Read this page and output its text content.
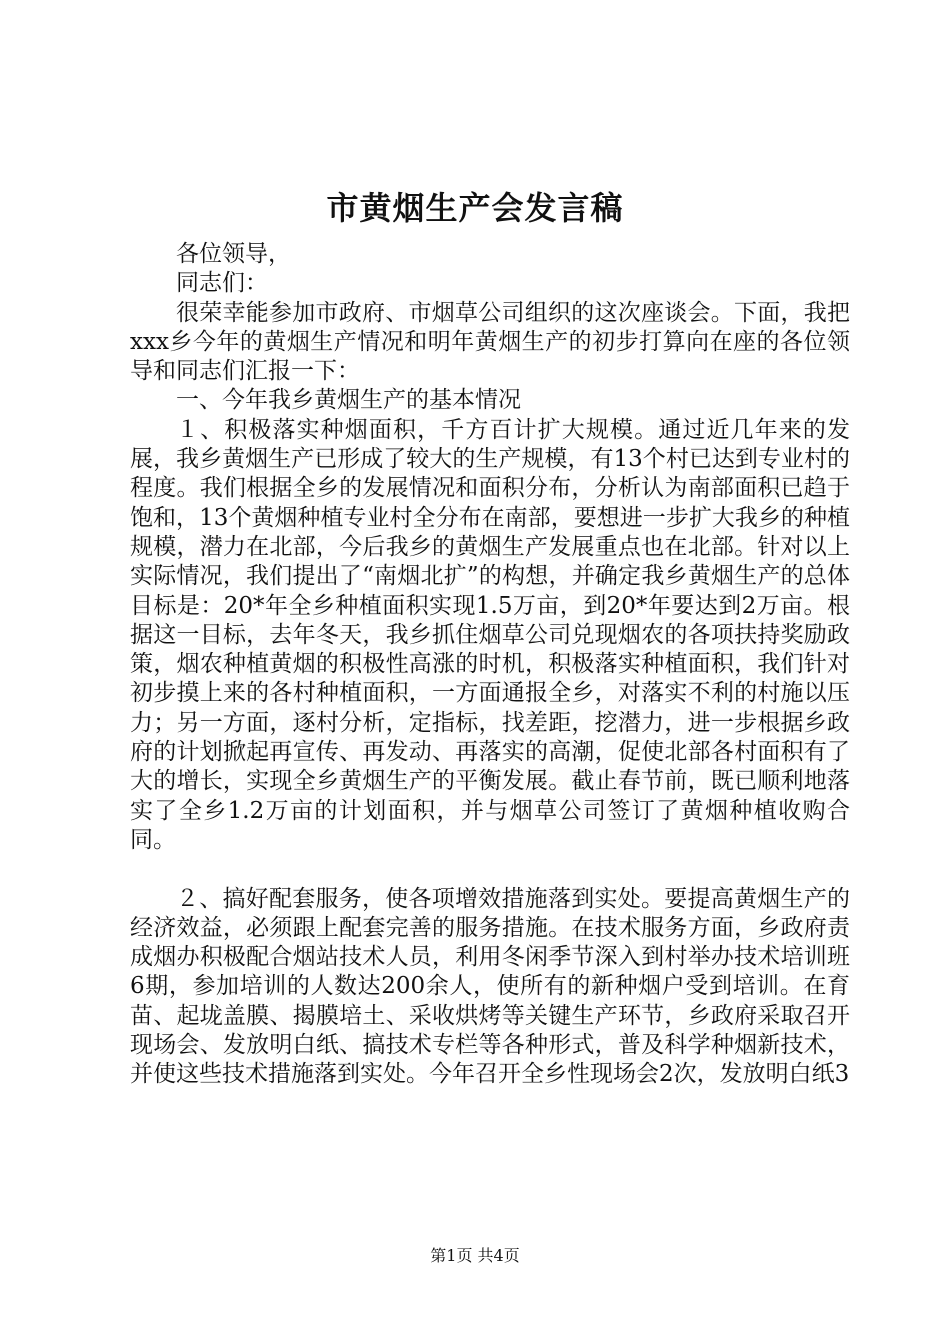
市黄烟生产会发言稿

各位领导，

同志们：

很荣幸能参加市政府、市烟草公司组织的这次座谈会。下面，我把xxx乡今年的黄烟生产情况和明年黄烟生产的初步打算向在座的各位领导和同志们汇报一下：

一、今年我乡黄烟生产的基本情况

１、积极落实种烟面积，千方百计扩大规模。通过近几年来的发展，我乡黄烟生产已形成了较大的生产规模，有13个村已达到专业村的程度。我们根据全乡的发展情况和面积分布，分析认为南部面积已趋于饱和，13个黄烟种植专业村全分布在南部，要想进一步扩大我乡的种植规模，潜力在北部，今后我乡的黄烟生产发展重点也在北部。针对以上实际情况，我们提出了“南烟北扩”的构想，并确定我乡黄烟生产的总体目标是：20*年全乡种植面积实现1.5万亩，到20*年要达到2万亩。根据这一目标，去年冬天，我乡抓住烟草公司兑现烟农的各项扶持奖励政策，烟农种植黄烟的积极性高涨的时机，积极落实种植面积，我们针对初步摸上来的各村种植面积，一方面通报全乡，对落实不利的村施以压力；另一方面，逐村分析，定指标，找差距，挖潜力，进一步根据乡政府的计划掀起再宣传、再发动、再落实的高潮，促使北部各村面积有了大的增长，实现全乡黄烟生产的平衡发展。截止春节前，既已顺利地落实了全乡1.2万亩的计划面积，并与烟草公司签订了黄烟种植收购合同。

２、搞好配套服务，使各项增效措施落到实处。要提高黄烟生产的经济效益，必须跟上配套完善的服务措施。在技术服务方面，乡政府责成烟办积极配合烟站技术人员，利用冬闲季节深入到村举办技术培训班6期，参加培训的人数达200余人，使所有的新种烟户受到培训。在育苗、起垅盖膜、揭膜培土、采收烘烤等关键生产环节，乡政府采取召开现场会、发放明白纸、搞技术专栏等各种形式，普及科学种烟新技术，并使这些技术措施落到实处。今年召开全乡性现场会2次，发放明白纸3

第1页 共4页
